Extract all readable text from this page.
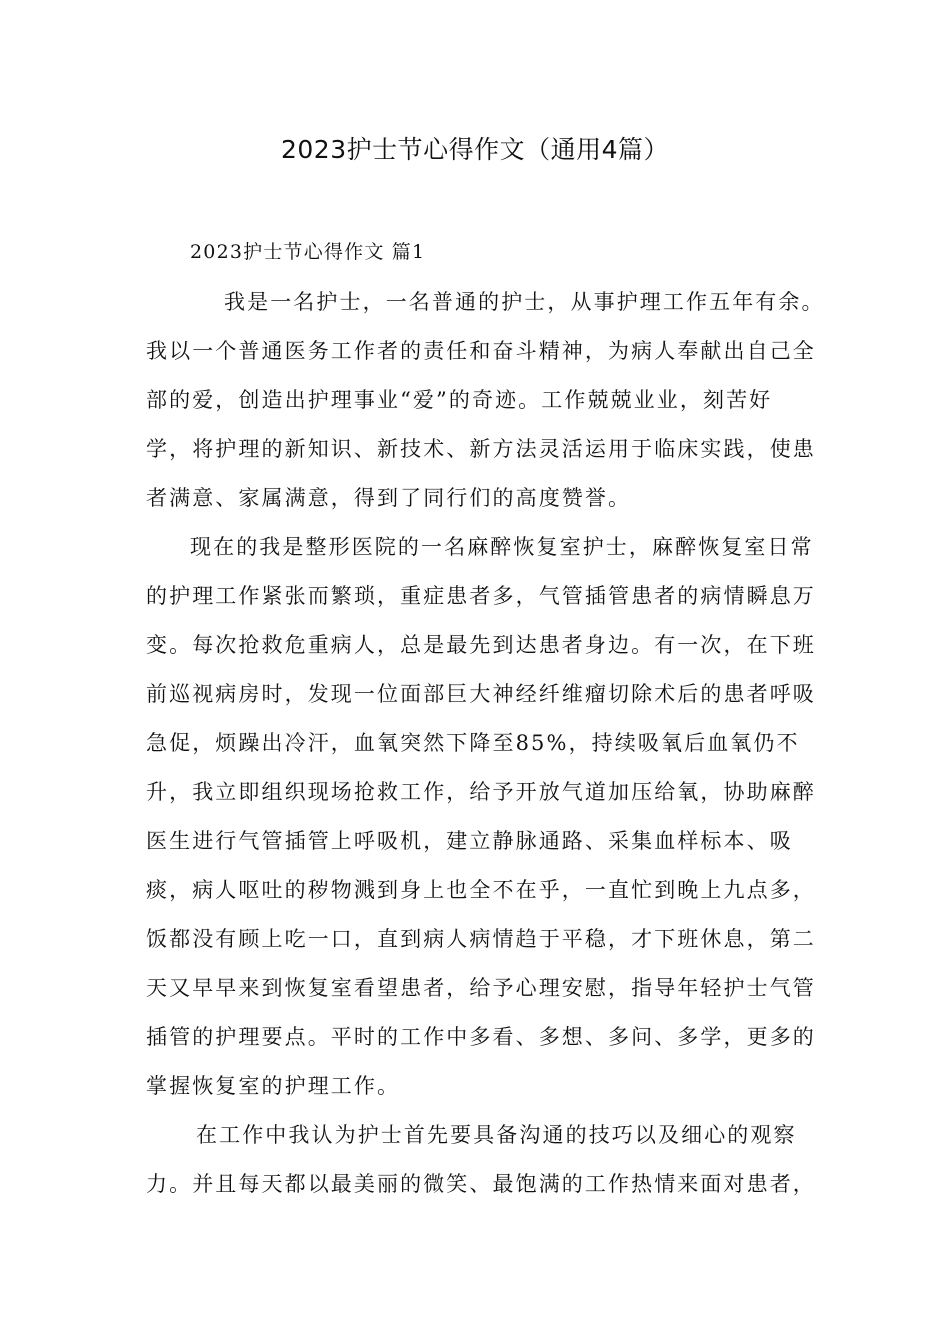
2023护士节心得作文（通用4篇）
2023护士节心得作文 篇1
我是一名护士，一名普通的护士，从事护理工作五年有余。
我以一个普通医务工作者的责任和奋斗精神，为病人奉献出自己全
部的爱，创造出护理事业“爱”的奇迹。工作兢兢业业，刻苦好
学，将护理的新知识、新技术、新方法灵活运用于临床实践，使患
者满意、家属满意，得到了同行们的高度赞誉。
现在的我是整形医院的一名麻醉恢复室护士，麻醉恢复室日常
的护理工作紧张而繁琐，重症患者多，气管插管患者的病情瞬息万
变。每次抢救危重病人，总是最先到达患者身边。有一次，在下班
前巡视病房时，发现一位面部巨大神经纤维瘤切除术后的患者呼吸
急促，烦躁出冷汗，血氧突然下降至85%，持续吸氧后血氧仍不
升，我立即组织现场抢救工作，给予开放气道加压给氧，协助麻醉
医生进行气管插管上呼吸机，建立静脉通路、采集血样标本、吸
痰，病人呕吐的秽物溅到身上也全不在乎，一直忙到晚上九点多，
饭都没有顾上吃一口，直到病人病情趋于平稳，才下班休息，第二
天又早早来到恢复室看望患者，给予心理安慰，指导年轻护士气管
插管的护理要点。平时的工作中多看、多想、多问、多学，更多的
掌握恢复室的护理工作。
在工作中我认为护士首先要具备沟通的技巧以及细心的观察
力。并且每天都以最美丽的微笑、最饱满的工作热情来面对患者，
